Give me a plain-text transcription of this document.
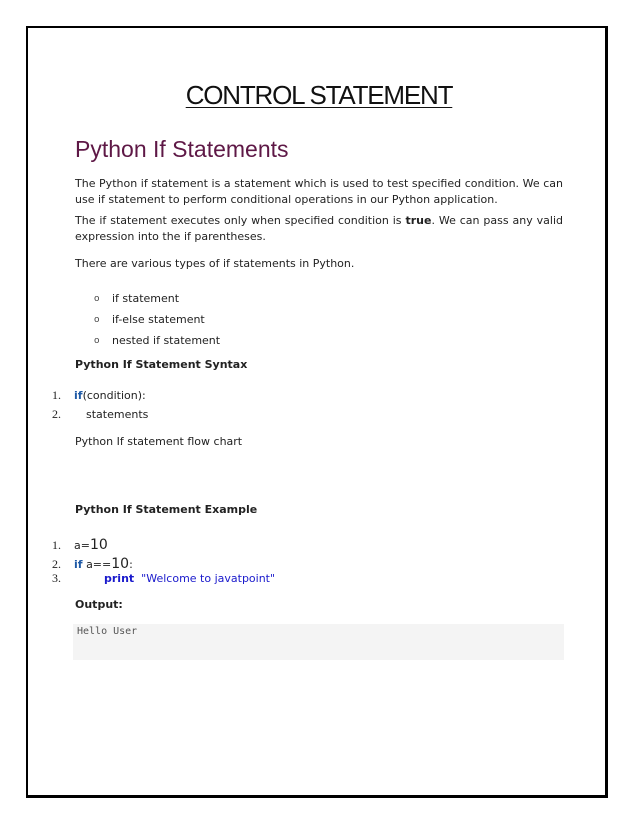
CONTROL STATEMENT
Python If Statements
The Python if statement is a statement which is used to test specified condition. We can use if statement to perform conditional operations in our Python application.
The if statement executes only when specified condition is true. We can pass any valid expression into the if parentheses.
There are various types of if statements in Python.
o	if statement
o	if-else statement
o	nested if statement
Python If Statement Syntax
1. if(condition):
2. statements
Python If statement flow chart
Python If Statement Example
1. a=10
2. if a==10:
3.	print "Welcome to javatpoint"
Output:
Hello User
